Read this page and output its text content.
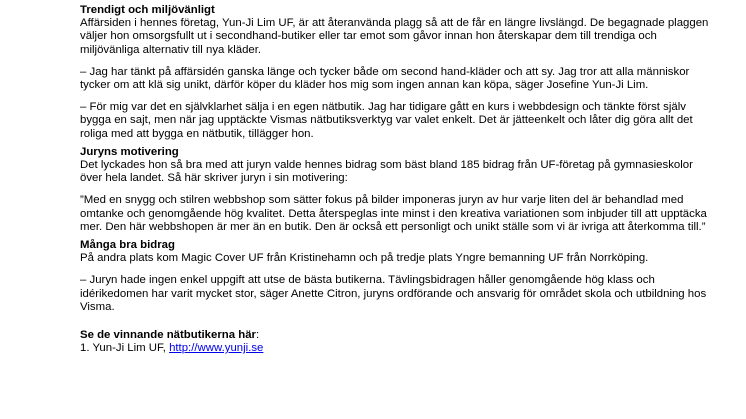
Trendigt och miljövänligt
Affärsiden i hennes företag, Yun-Ji Lim UF, är att återanvända plagg så att de får en längre livslängd. De begagnade plaggen väljer hon omsorgsfullt ut i secondhand-butiker eller tar emot som gåvor innan hon återskapar dem till trendiga och miljövänliga alternativ till nya kläder.
– Jag har tänkt på affärsidén ganska länge och tycker både om second hand-kläder och att sy. Jag tror att alla människor tycker om att klä sig unikt, därför köper du kläder hos mig som ingen annan kan köpa, säger Josefine Yun-Ji Lim.
– För mig var det en självklarhet sälja i en egen nätbutik. Jag har tidigare gått en kurs i webbdesign och tänkte först själv bygga en sajt, men när jag upptäckte Vismas nätbutiksverktyg var valet enkelt. Det är jätteenkelt och låter dig göra allt det roliga med att bygga en nätbutik, tillägger hon.
Juryns motivering
Det lyckades hon så bra med att juryn valde hennes bidrag som bäst bland 185 bidrag från UF-företag på gymnasieskolor över hela landet. Så här skriver juryn i sin motivering:
”Med en snygg och stilren webbshop som sätter fokus på bilder imponeras juryn av hur varje liten del är behandlad med omtanke och genomgående hög kvalitet. Detta återspeglas inte minst i den kreativa variationen som inbjuder till att upptäcka mer. Den här webbshopen är mer än en butik. Den är också ett personligt och unikt ställe som vi är ivriga att återkomma till.”
Många bra bidrag
På andra plats kom Magic Cover UF från Kristinehamn och på tredje plats Yngre bemanning UF från Norrköping.
– Juryn hade ingen enkel uppgift att utse de bästa butikerna. Tävlingsbidragen håller genomgående hög klass och idérikedomen har varit mycket stor, säger Anette Citron, juryns ordförande och ansvarig för området skola och utbildning hos Visma.
Se de vinnande nätbutikerna här:
1. Yun-Ji Lim UF, http://www.yunji.se
